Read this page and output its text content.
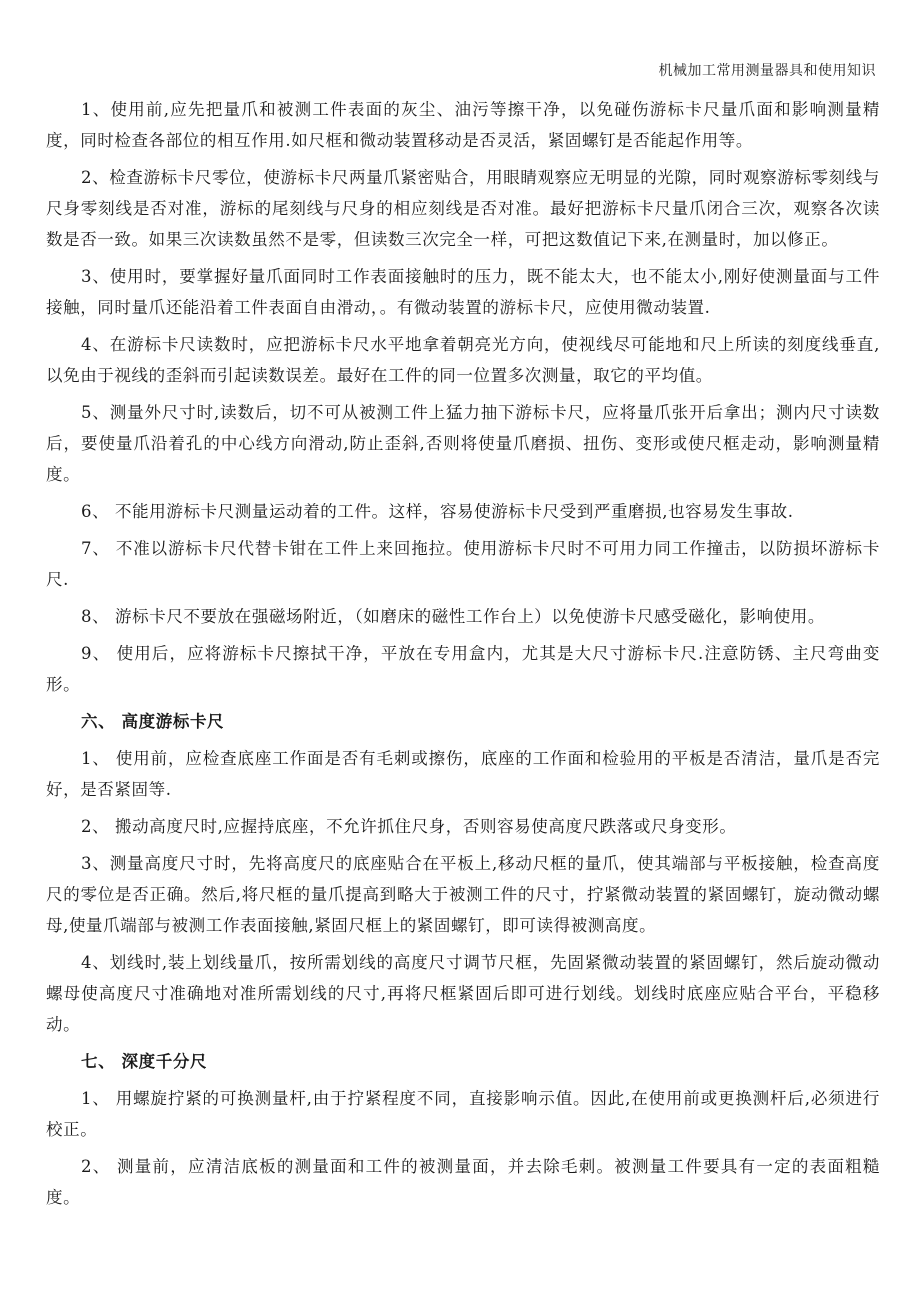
机械加工常用测量器具和使用知识

1、使用前,应先把量爪和被测工件表面的灰尘、油污等擦干净，以免碰伤游标卡尺量爪面和影响测量精度，同时检查各部位的相互作用.如尺框和微动装置移动是否灵活，紧固螺钉是否能起作用等。

2、检查游标卡尺零位，使游标卡尺两量爪紧密贴合，用眼睛观察应无明显的光隙，同时观察游标零刻线与尺身零刻线是否对准，游标的尾刻线与尺身的相应刻线是否对准。最好把游标卡尺量爪闭合三次，观察各次读数是否一致。如果三次读数虽然不是零，但读数三次完全一样，可把这数值记下来,在测量时，加以修正。

3、使用时，要掌握好量爪面同时工作表面接触时的压力，既不能太大，也不能太小,刚好使测量面与工件接触，同时量爪还能沿着工件表面自由滑动，。有微动装置的游标卡尺，应使用微动装置.

4、在游标卡尺读数时，应把游标卡尺水平地拿着朝亮光方向，使视线尽可能地和尺上所读的刻度线垂直,以免由于视线的歪斜而引起读数误差。最好在工件的同一位置多次测量，取它的平均值。

5、测量外尺寸时,读数后，切不可从被测工件上猛力抽下游标卡尺，应将量爪张开后拿出；测内尺寸读数后，要使量爪沿着孔的中心线方向滑动,防止歪斜,否则将使量爪磨损、扭伤、变形或使尺框走动，影响测量精度。

6、 不能用游标卡尺测量运动着的工件。这样，容易使游标卡尺受到严重磨损,也容易发生事故.

7、 不准以游标卡尺代替卡钳在工件上来回拖拉。使用游标卡尺时不可用力同工作撞击，以防损坏游标卡尺.

8、 游标卡尺不要放在强磁场附近，（如磨床的磁性工作台上）以免使游卡尺感受磁化，影响使用。

9、 使用后，应将游标卡尺擦拭干净，平放在专用盒内，尤其是大尺寸游标卡尺.注意防锈、主尺弯曲变形。

六、 高度游标卡尺

1、 使用前，应检查底座工作面是否有毛刺或擦伤，底座的工作面和检验用的平板是否清洁，量爪是否完好，是否紧固等.

2、 搬动高度尺时,应握持底座，不允许抓住尺身，否则容易使高度尺跌落或尺身变形。

3、测量高度尺寸时，先将高度尺的底座贴合在平板上,移动尺框的量爪，使其端部与平板接触，检查高度尺的零位是否正确。然后,将尺框的量爪提高到略大于被测工件的尺寸，拧紧微动装置的紧固螺钉，旋动微动螺母,使量爪端部与被测工作表面接触,紧固尺框上的紧固螺钉，即可读得被测高度。

4、划线时,装上划线量爪，按所需划线的高度尺寸调节尺框，先固紧微动装置的紧固螺钉，然后旋动微动螺母使高度尺寸准确地对准所需划线的尺寸,再将尺框紧固后即可进行划线。划线时底座应贴合平台，平稳移动。

七、 深度千分尺

1、 用螺旋拧紧的可换测量杆,由于拧紧程度不同，直接影响示值。因此,在使用前或更换测杆后,必须进行校正。

2、 测量前，应清洁底板的测量面和工件的被测量面，并去除毛刺。被测量工件要具有一定的表面粗糙度。
